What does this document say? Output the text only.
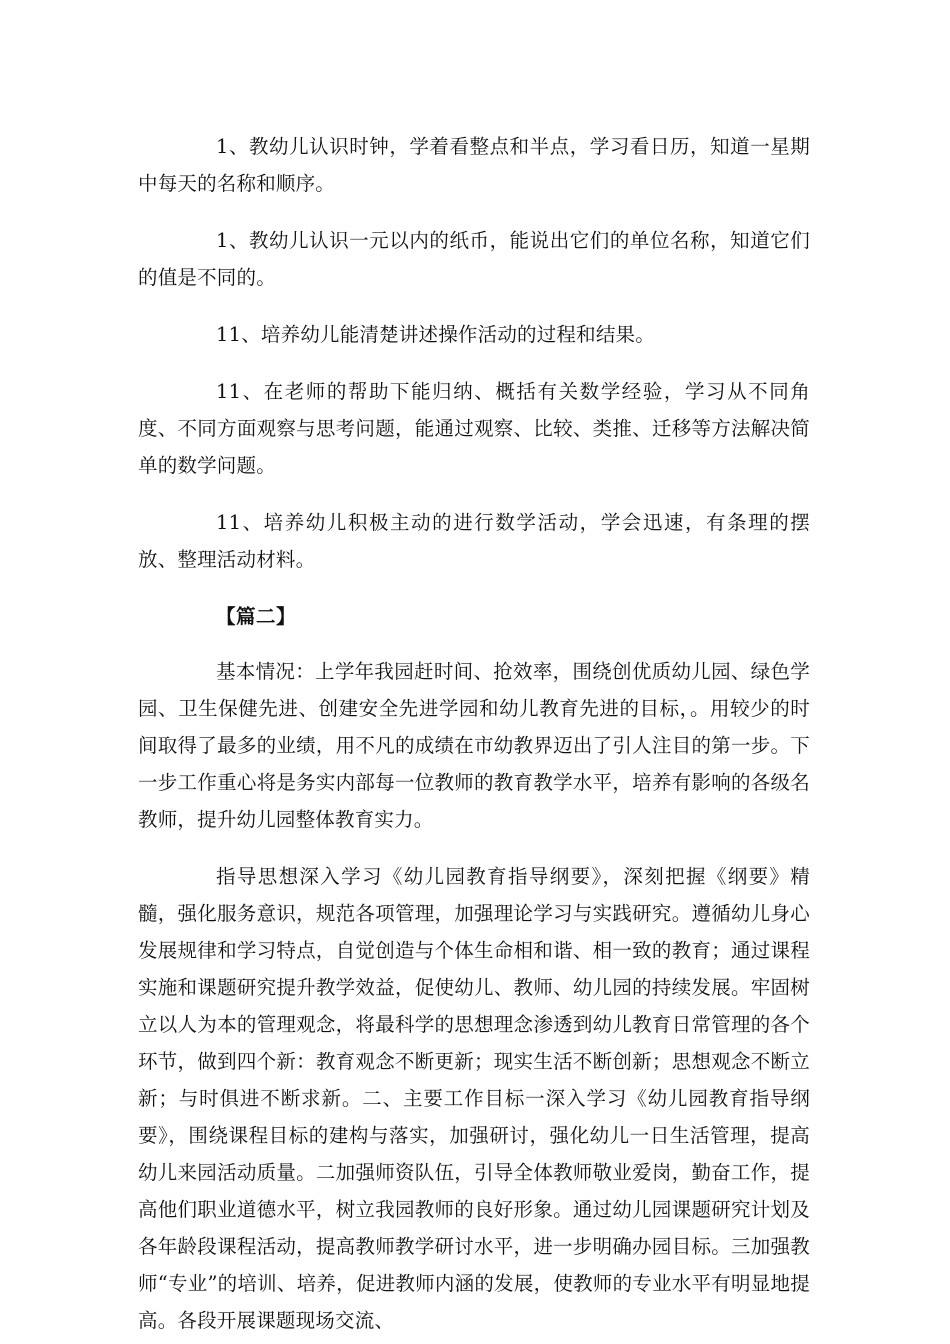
1、教幼儿认识时钟，学着看整点和半点，学习看日历，知道一星期中每天的名称和顺序。

1、教幼儿认识一元以内的纸币，能说出它们的单位名称，知道它们的值是不同的。

11、培养幼儿能清楚讲述操作活动的过程和结果。

11、在老师的帮助下能归纳、概括有关数学经验，学习从不同角度、不同方面观察与思考问题，能通过观察、比较、类推、迁移等方法解决简单的数学问题。

11、培养幼儿积极主动的进行数学活动，学会迅速，有条理的摆放、整理活动材料。

【篇二】

基本情况：上学年我园赶时间、抢效率，围绕创优质幼儿园、绿色学园、卫生保健先进、创建安全先进学园和幼儿教育先进的目标，。用较少的时间取得了最多的业绩，用不凡的成绩在市幼教界迈出了引人注目的第一步。下一步工作重心将是务实内部每一位教师的教育教学水平，培养有影响的各级名教师，提升幼儿园整体教育实力。

指导思想深入学习《幼儿园教育指导纲要》，深刻把握《纲要》精髓，强化服务意识，规范各项管理，加强理论学习与实践研究。遵循幼儿身心发展规律和学习特点，自觉创造与个体生命相和谐、相一致的教育；通过课程实施和课题研究提升教学效益，促使幼儿、教师、幼儿园的持续发展。牢固树立以人为本的管理观念，将最科学的思想理念渗透到幼儿教育日常管理的各个环节，做到四个新：教育观念不断更新；现实生活不断创新；思想观念不断立新；与时俱进不断求新。二、主要工作目标一深入学习《幼儿园教育指导纲要》，围绕课程目标的建构与落实，加强研讨，强化幼儿一日生活管理，提高幼儿来园活动质量。二加强师资队伍，引导全体教师敬业爱岗，勤奋工作，提高他们职业道德水平，树立我园教师的良好形象。通过幼儿园课题研究计划及各年龄段课程活动，提高教师教学研讨水平，进一步明确办园目标。三加强教师“专业”的培训、培养，促进教师内涵的发展，使教师的专业水平有明显地提高。各段开展课题现场交流、
